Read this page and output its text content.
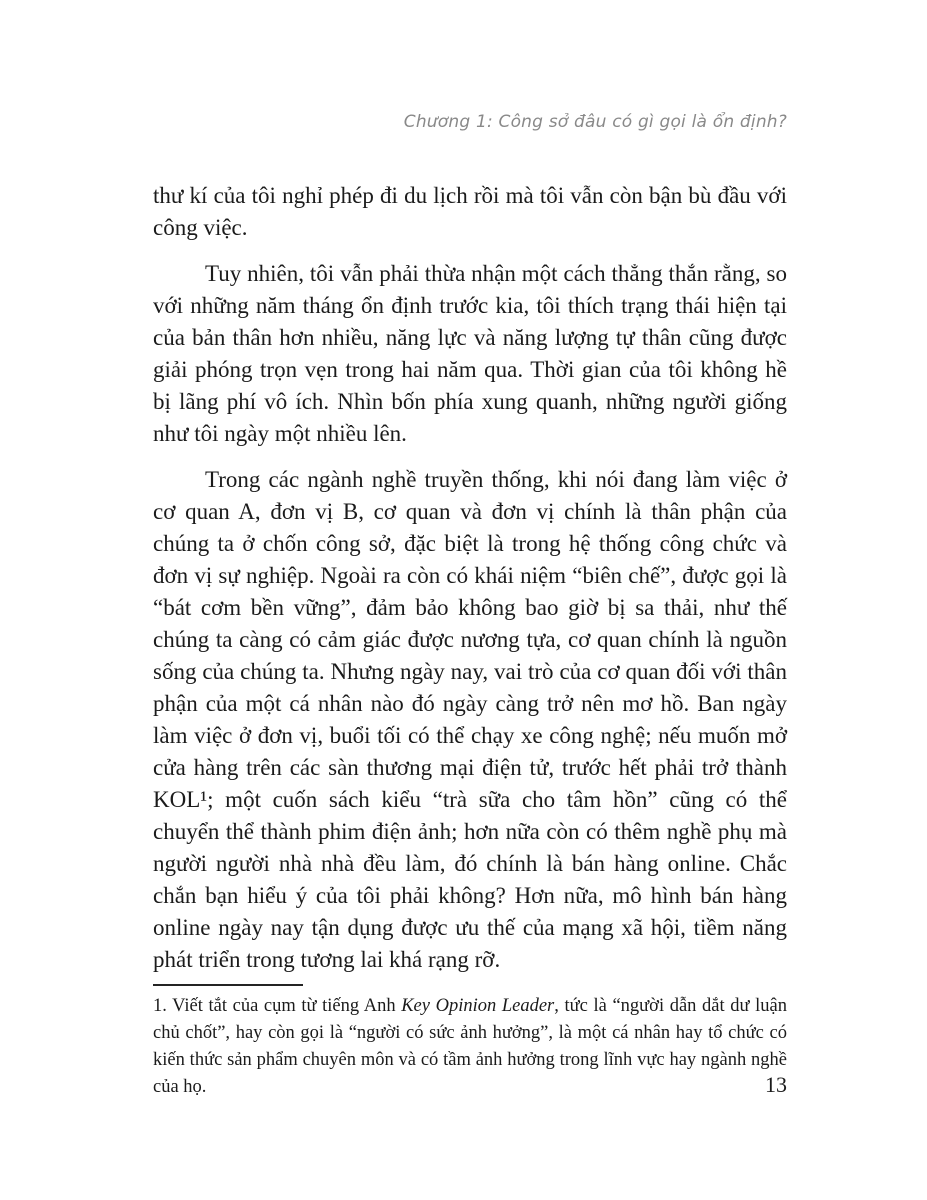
Chương 1: Công sở đâu có gì gọi là ổn định?

thư kí của tôi nghỉ phép đi du lịch rồi mà tôi vẫn còn bận bù đầu với công việc.

Tuy nhiên, tôi vẫn phải thừa nhận một cách thẳng thắn rằng, so với những năm tháng ổn định trước kia, tôi thích trạng thái hiện tại của bản thân hơn nhiều, năng lực và năng lượng tự thân cũng được giải phóng trọn vẹn trong hai năm qua. Thời gian của tôi không hề bị lãng phí vô ích. Nhìn bốn phía xung quanh, những người giống như tôi ngày một nhiều lên.

Trong các ngành nghề truyền thống, khi nói đang làm việc ở cơ quan A, đơn vị B, cơ quan và đơn vị chính là thân phận của chúng ta ở chốn công sở, đặc biệt là trong hệ thống công chức và đơn vị sự nghiệp. Ngoài ra còn có khái niệm “biên chế”, được gọi là “bát cơm bền vững”, đảm bảo không bao giờ bị sa thải, như thế chúng ta càng có cảm giác được nương tựa, cơ quan chính là nguồn sống của chúng ta. Nhưng ngày nay, vai trò của cơ quan đối với thân phận của một cá nhân nào đó ngày càng trở nên mơ hồ. Ban ngày làm việc ở đơn vị, buổi tối có thể chạy xe công nghệ; nếu muốn mở cửa hàng trên các sàn thương mại điện tử, trước hết phải trở thành KOL¹; một cuốn sách kiểu “trà sữa cho tâm hồn” cũng có thể chuyển thể thành phim điện ảnh; hơn nữa còn có thêm nghề phụ mà người người nhà nhà đều làm, đó chính là bán hàng online. Chắc chắn bạn hiểu ý của tôi phải không? Hơn nữa, mô hình bán hàng online ngày nay tận dụng được ưu thế của mạng xã hội, tiềm năng phát triển trong tương lai khá rạng rỡ.

1. Viết tắt của cụm từ tiếng Anh Key Opinion Leader, tức là “người dẫn dắt dư luận chủ chốt”, hay còn gọi là “người có sức ảnh hưởng”, là một cá nhân hay tổ chức có kiến thức sản phẩm chuyên môn và có tầm ảnh hưởng trong lĩnh vực hay ngành nghề của họ.	13
